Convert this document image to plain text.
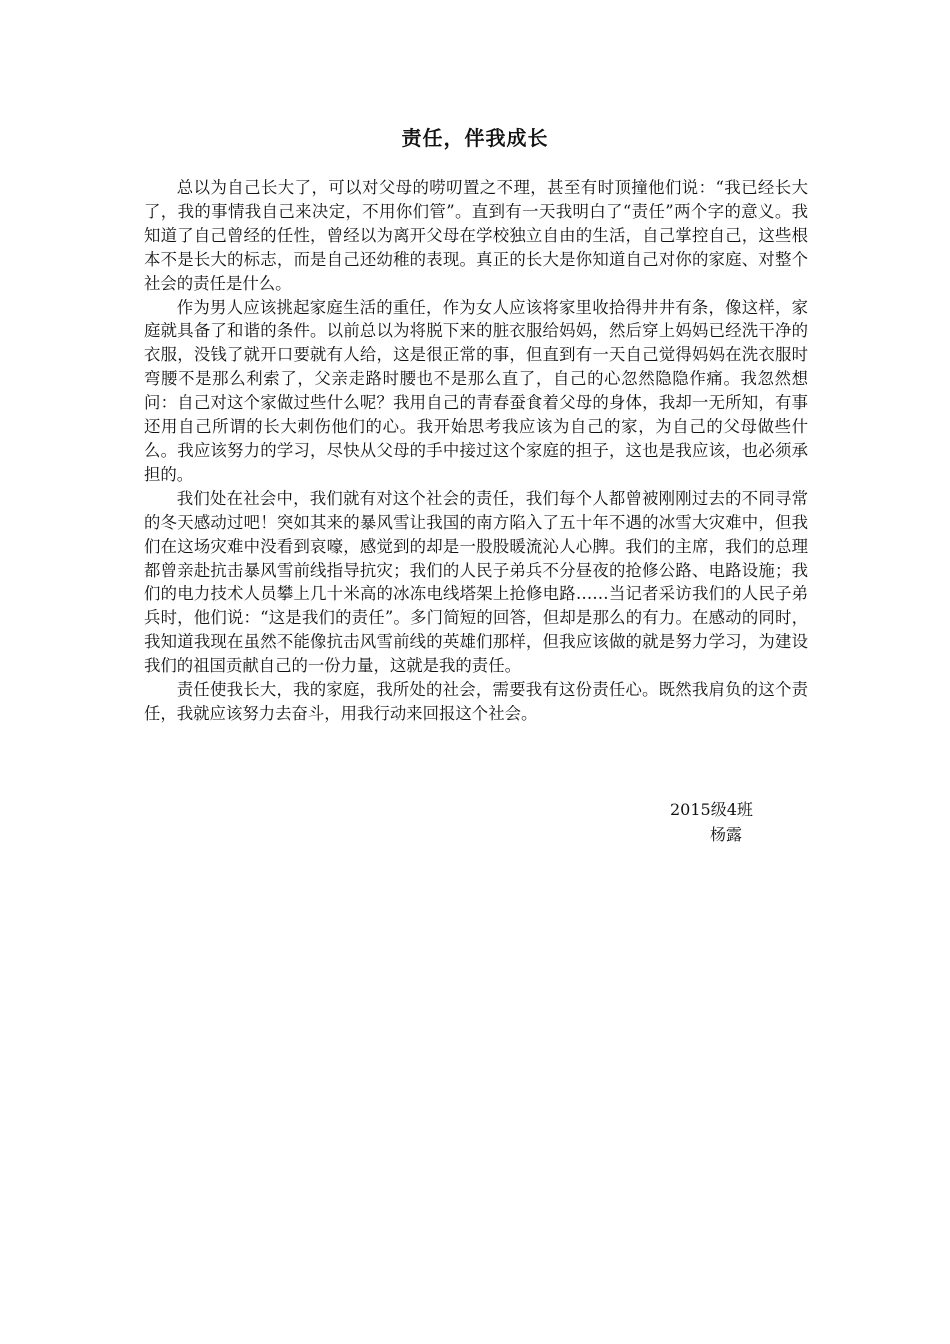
责任，伴我成长

总以为自己长大了，可以对父母的唠叨置之不理，甚至有时顶撞他们说：“我已经长大了，我的事情我自己来决定，不用你们管”。直到有一天我明白了“责任”两个字的意义。我知道了自己曾经的任性，曾经以为离开父母在学校独立自由的生活，自己掌控自己，这些根本不是长大的标志，而是自己还幼稚的表现。真正的长大是你知道自己对你的家庭、对整个社会的责任是什么。

作为男人应该挑起家庭生活的重任，作为女人应该将家里收拾得井井有条，像这样，家庭就具备了和谐的条件。以前总以为将脱下来的脏衣服给妈妈，然后穿上妈妈已经洗干净的衣服，没钱了就开口要就有人给，这是很正常的事，但直到有一天自己觉得妈妈在洗衣服时弯腰不是那么利索了，父亲走路时腰也不是那么直了，自己的心忽然隐隐作痛。我忽然想问：自己对这个家做过些什么呢？我用自己的青春蚕食着父母的身体，我却一无所知，有事还用自己所谓的长大刺伤他们的心。我开始思考我应该为自己的家，为自己的父母做些什么。我应该努力的学习，尽快从父母的手中接过这个家庭的担子，这也是我应该，也必须承担的。

我们处在社会中，我们就有对这个社会的责任，我们每个人都曾被刚刚过去的不同寻常的冬天感动过吧！突如其来的暴风雪让我国的南方陷入了五十年不遇的冰雪大灾难中，但我们在这场灾难中没看到哀嚎，感觉到的却是一股股暖流沁人心脾。我们的主席，我们的总理都曾亲赴抗击暴风雪前线指导抗灾；我们的人民子弟兵不分昼夜的抢修公路、电路设施；我们的电力技术人员攀上几十米高的冰冻电线塔架上抢修电路……当记者采访我们的人民子弟兵时，他们说：“这是我们的责任”。多门简短的回答，但却是那么的有力。在感动的同时，我知道我现在虽然不能像抗击风雪前线的英雄们那样，但我应该做的就是努力学习，为建设我们的祖国贡献自己的一份力量，这就是我的责任。

责任使我长大，我的家庭，我所处的社会，需要我有这份责任心。既然我肩负的这个责任，我就应该努力去奋斗，用我行动来回报这个社会。

2015级4班
杨露
